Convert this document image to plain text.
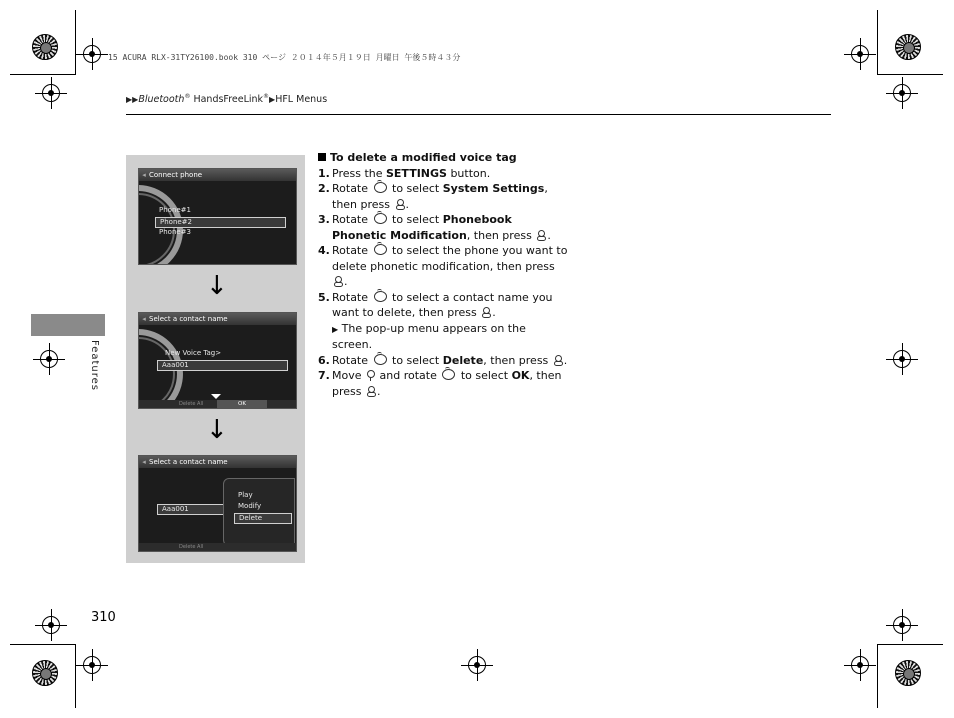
15 ACURA RLX-31TY26100.book 310 ページ ２０１４年５月１９日 月曜日 午後５時４３分
▶▶Bluetooth® HandsFreeLink®▶HFL Menus
Features
◂ Connect phone
Phone#1
Phone#2
Phone#3
↓
◂ Select a contact name
New Voice Tag>
Aaa001
Delete All	OK
↓
◂ Select a contact name
Aaa001
Play
Modify
Delete
Delete All
To delete a modified voice tag
1. Press the SETTINGS button.
2. Rotate  to select System Settings, then press .
3. Rotate  to select Phonebook Phonetic Modification, then press .
4. Rotate  to select the phone you want to delete phonetic modification, then press .
5. Rotate  to select a contact name you want to delete, then press .
▶ The pop-up menu appears on the screen.
6. Rotate  to select Delete, then press .
7. Move  and rotate  to select OK, then press .
310
